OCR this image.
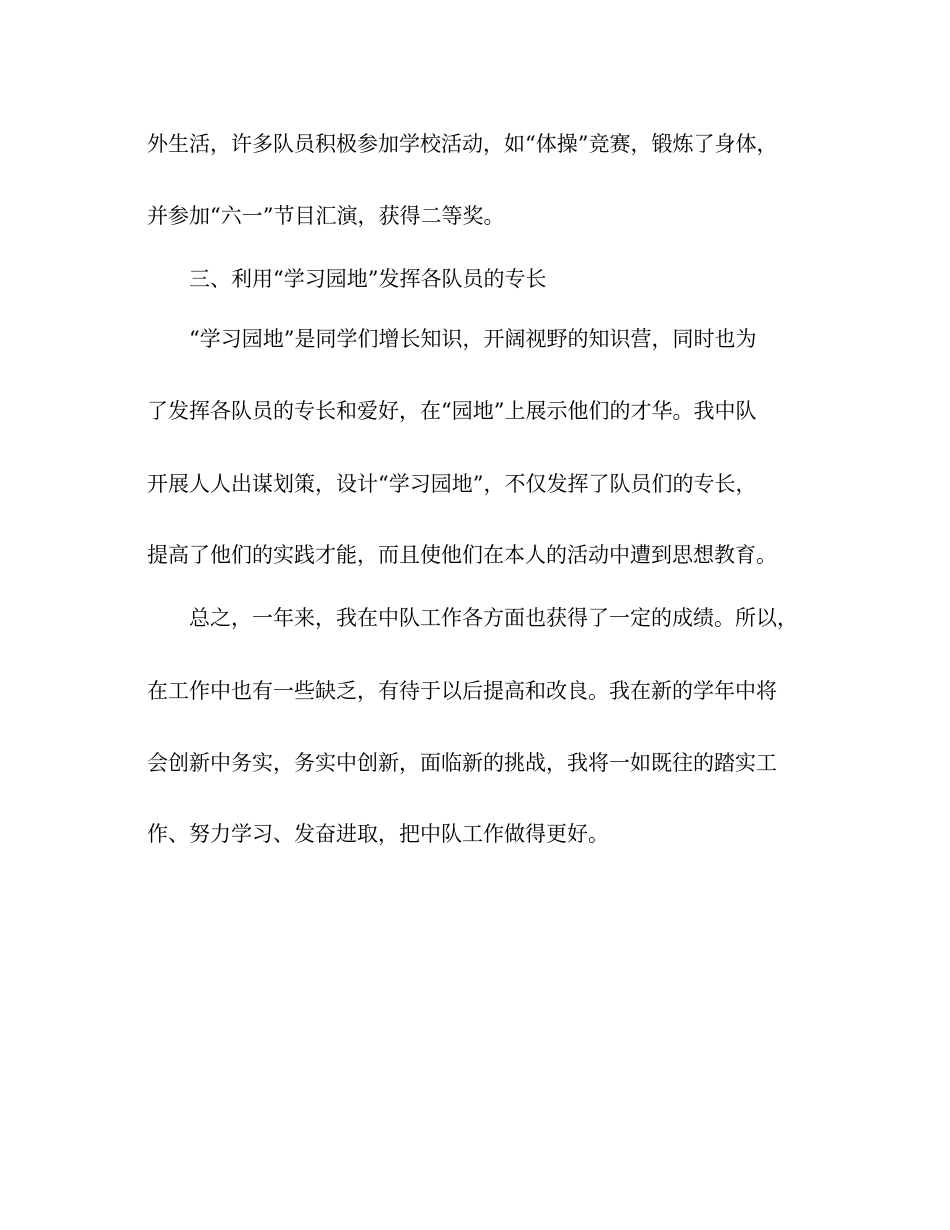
外生活，许多队员积极参加学校活动，如“体操”竞赛，锻炼了身体，
并参加“六一”节目汇演，获得二等奖。
三、利用“学习园地”发挥各队员的专长
“学习园地”是同学们增长知识，开阔视野的知识营，同时也为
了发挥各队员的专长和爱好，在“园地”上展示他们的才华。我中队
开展人人出谋划策，设计“学习园地”，不仅发挥了队员们的专长，
提高了他们的实践才能，而且使他们在本人的活动中遭到思想教育。
总之，一年来，我在中队工作各方面也获得了一定的成绩。所以，
在工作中也有一些缺乏，有待于以后提高和改良。我在新的学年中将
会创新中务实，务实中创新，面临新的挑战，我将一如既往的踏实工
作、努力学习、发奋进取，把中队工作做得更好。
